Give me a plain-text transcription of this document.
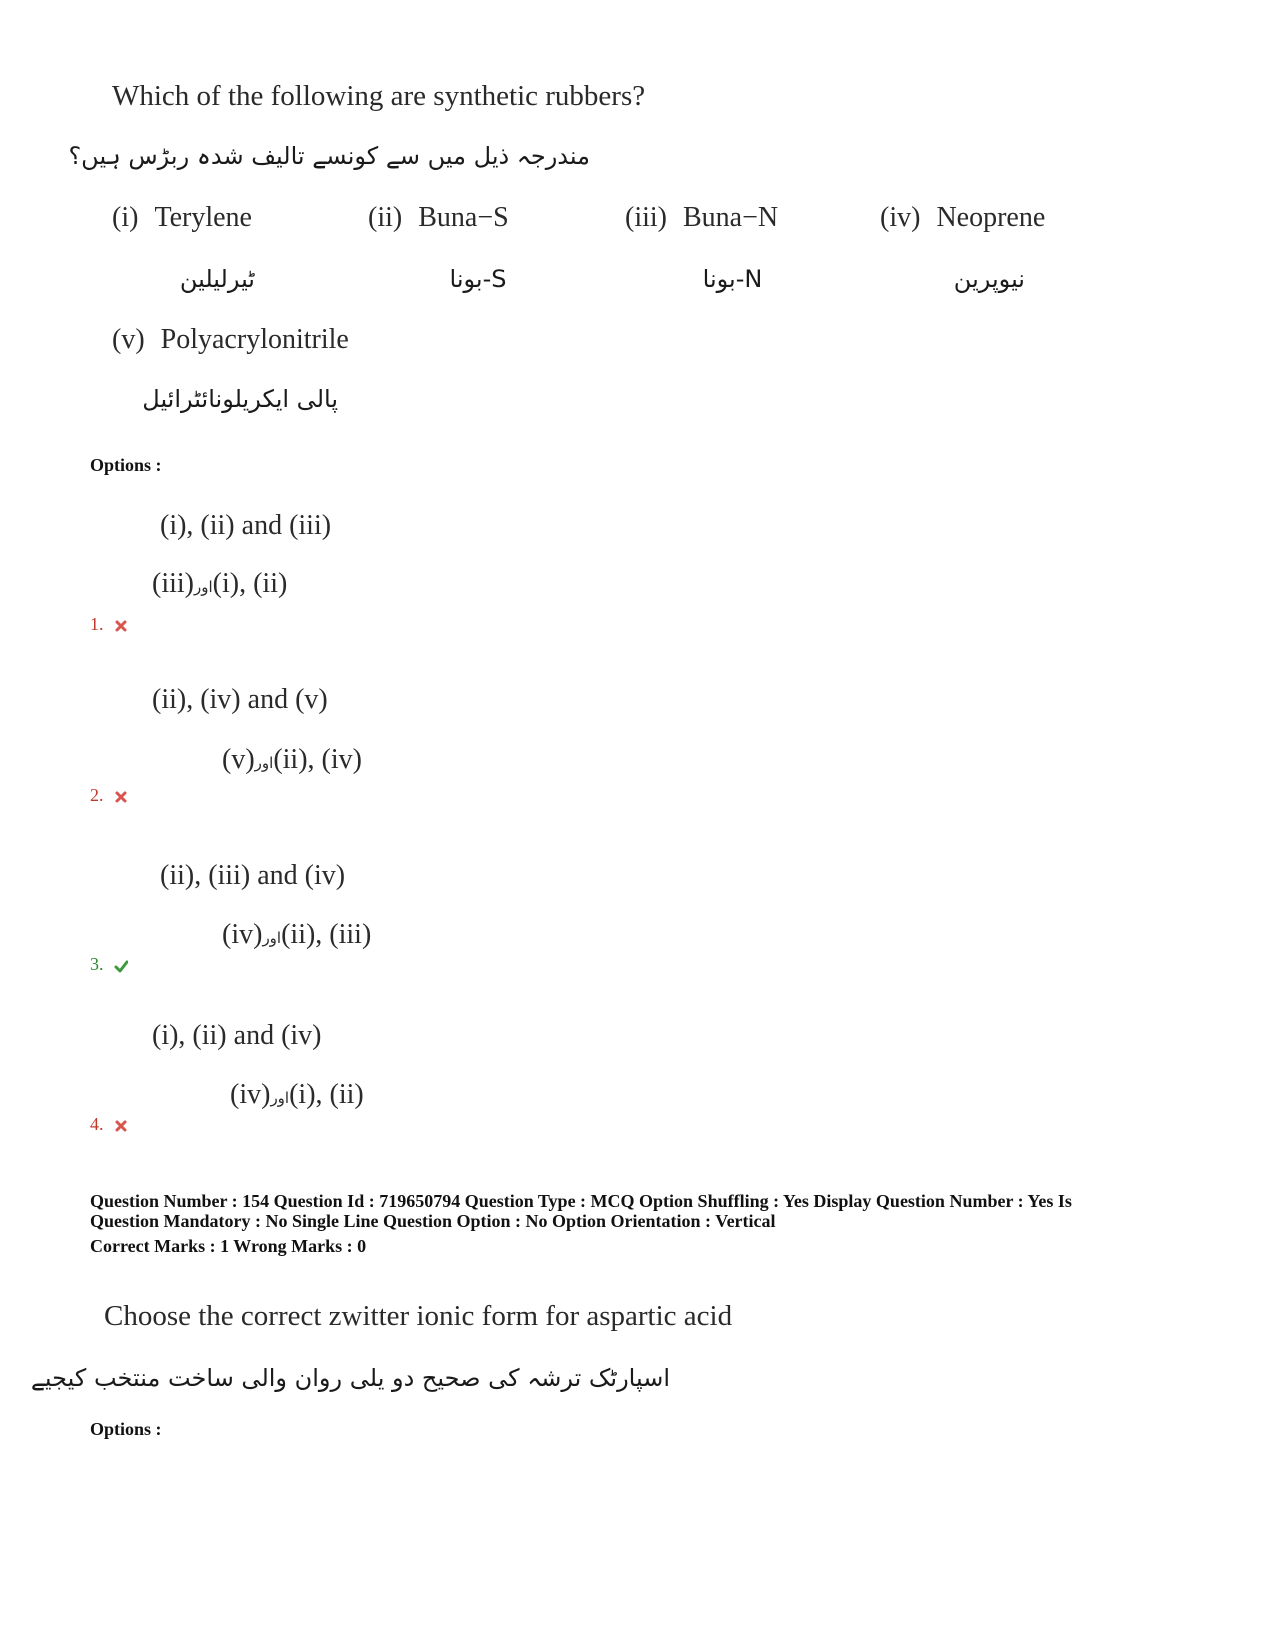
Which of the following are synthetic rubbers?
مندرجہ ذیل میں سے کونسے تالیف شدہ ربڑس ہیں؟
(i) Terylene
ٹیرلیلین
(ii) Buna−S
S-بونا
(iii) Buna−N
N-بونا
(iv) Neoprene
نیوپرین
(v) Polyacrylonitrile
پالی ایکریلونائٹرائیل
Options :
(i), (ii) and (iii)
(iii)اور(i), (ii)
1.
(ii), (iv) and (v)
(v)اور(ii), (iv)
2.
(ii), (iii) and (iv)
(iv)اور(ii), (iii)
3.
(i), (ii) and (iv)
(iv)اور(i), (ii)
4.
Question Number : 154 Question Id : 719650794 Question Type : MCQ Option Shuffling : Yes Display Question Number : Yes Is
Question Mandatory : No Single Line Question Option : No Option Orientation : Vertical
Correct Marks : 1 Wrong Marks : 0
Choose the correct zwitter ionic form for aspartic acid
اسپارٹک ترشہ کی صحیح دو یلی روان والی ساخت منتخب کیجیے
Options :
